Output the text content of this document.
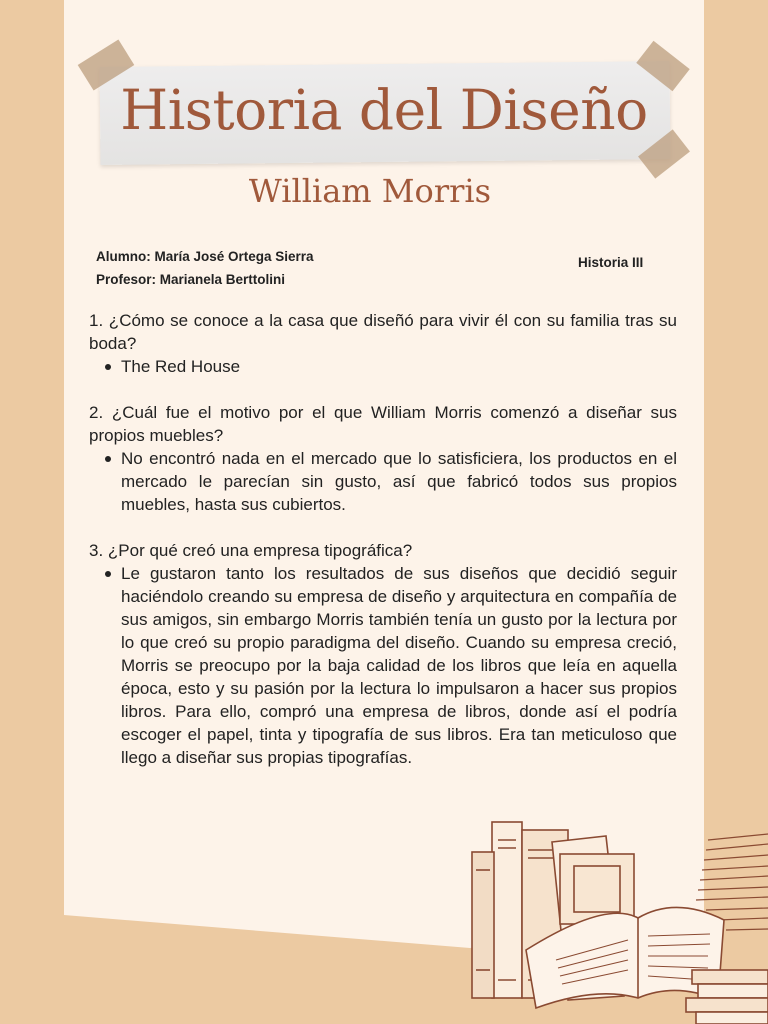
Historia del Diseño
William Morris
Alumno: María José Ortega Sierra
Profesor: Marianela Berttolini
Historia III

1. ¿Cómo se conoce a la casa que diseñó para vivir él con su familia tras su boda?

The Red House

2. ¿Cuál fue el motivo por el que William Morris comenzó a diseñar sus propios muebles?

No encontró nada en el mercado que lo satisficiera, los productos en el mercado le parecían sin gusto, así que fabricó todos sus propios muebles, hasta sus cubiertos.

3. ¿Por qué creó una empresa tipográfica?

Le gustaron tanto los resultados de sus diseños que decidió seguir haciéndolo creando su empresa de diseño y arquitectura en compañía de sus amigos, sin embargo Morris también tenía un gusto por la lectura por lo que creó su propio paradigma del diseño. Cuando su empresa creció, Morris se preocupo por la baja calidad de los libros que leía en aquella época, esto y su pasión por la lectura lo impulsaron a hacer sus propios libros. Para ello, compró una empresa de libros, donde así el podría escoger el papel, tinta y tipografía de sus libros. Era tan meticuloso que llego a diseñar sus propias tipografías.
